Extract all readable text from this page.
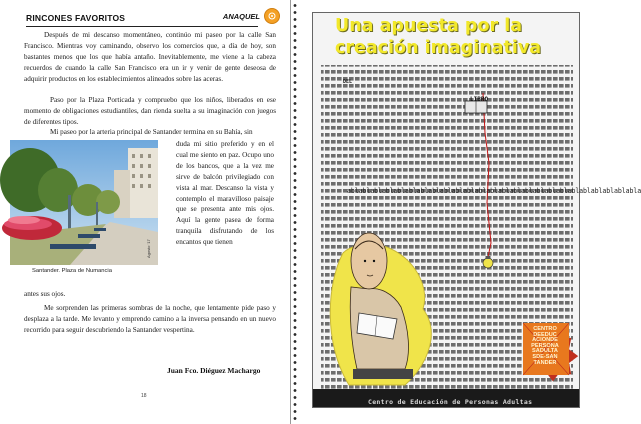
RINCONES FAVORITOS	ANAQUEL

Después de mi descanso momentáneo, continúo mi paseo por la calle San Francisco. Mientras voy caminando, observo los comercios que, a día de hoy, son bastantes menos que los que había antaño. Inevitablemente, me viene a la cabeza recuerdos de cuando la calle San Francisco era un ir y venir de gente deseosa de adquirir productos en los establecimientos alineados sobre las aceras.

Paso por la Plaza Porticada y compruebo que los niños, liberados en ese momento de obligaciones estudiantiles, dan rienda suelta a su imaginación con juegos de diferentes tipos.

Mi paseo por la arteria principal de Santander termina en su Bahía, sin

duda mi sitio preferido y en el cual me siento en paz. Ocupo uno de los bancos, que a la vez me sirve de balcón privilegiado con vista al mar. Descanso la vista y contemplo el maravilloso paisaje que se presenta ante mis ojos. Aquí la gente pasea de forma tranquila disfrutando de los encantos que tienen

antes sus ojos.

Me sorprenden las primeras sombras de la noche, que lentamente pide paso y desplaza a la tarde. Me levanto y emprendo camino a la inversa pensando en un nuevo recorrido para seguir descubriendo la Santander vespertina.

Santander. Plaza de Numancia
Agosto '17
Juan Fco. Diéguez Machargo
18
Una apuesta por la creación imaginativa
DEL
LIBRO
ablablablablablablablablablablablablablablablablablablablablablablablablabla
Centro de Educación de Personas Adultas
CENTRO
DEEDUC
ACIONDE
PERSONA
SADULTA
SDE-SAN
TANDER
